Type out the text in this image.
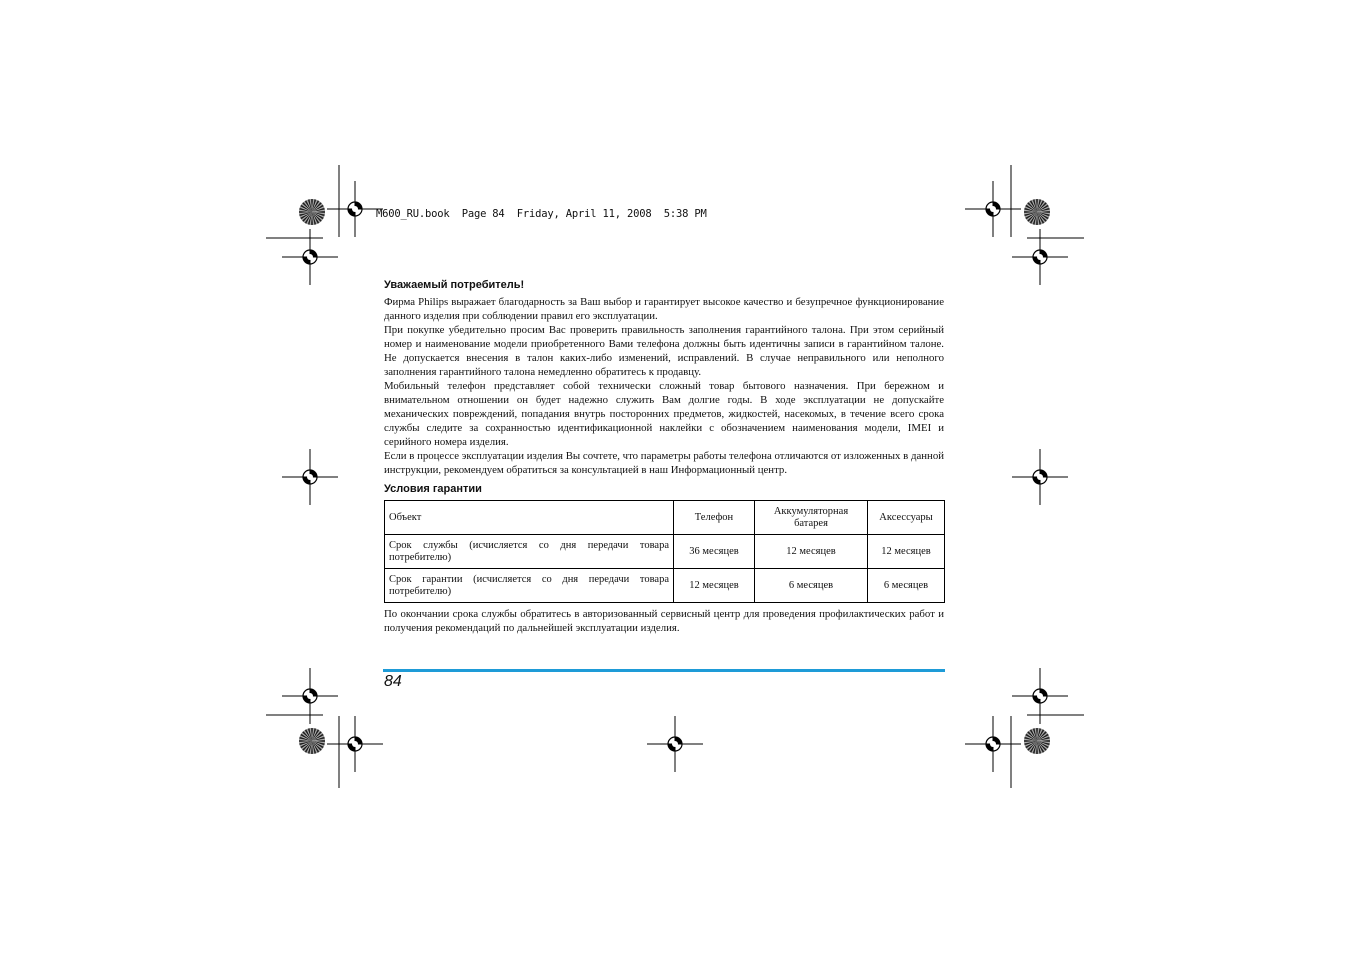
M600_RU.book  Page 84  Friday, April 11, 2008  5:38 PM
Уважаемый потребитель!

Фирма Philips выражает благодарность за Ваш выбор и гарантирует высокое качество и безупречное функционирование данного изделия при соблюдении правил его эксплуатации.

При покупке убедительно просим Вас проверить правильность заполнения гарантийного талона. При этом серийный номер и наименование модели приобретенного Вами телефона должны быть идентичны записи в гарантийном талоне. Не допускается внесения в талон каких-либо изменений, исправлений. В случае неправильного или неполного заполнения гарантийного талона немедленно обратитесь к продавцу.

Мобильный телефон представляет собой технически сложный товар бытового назначения. При бережном и внимательном отношении он будет надежно служить Вам долгие годы. В ходе эксплуатации не допускайте механических повреждений, попадания внутрь посторонних предметов, жидкостей, насекомых, в течение всего срока службы следите за сохранностью идентификационной наклейки с обозначением наименования модели, IMEI и серийного номера изделия.

Если в процессе эксплуатации изделия Вы сочтете, что параметры работы телефона отличаются от изложенных в данной инструкции, рекомендуем обратиться за консультацией в наш Информационный центр.

Условия гарантии
Объект	Телефон	Аккумуляторная батарея	Аксессуары
Срок службы (исчисляется со дня передачи товара потребителю)	36 месяцев	12 месяцев	12 месяцев
Срок гарантии (исчисляется со дня передачи товара потребителю)	12 месяцев	6 месяцев	6 месяцев

По окончании срока службы обратитесь в авторизованный сервисный центр для проведения профилактических работ и получения рекомендаций по дальнейшей эксплуатации изделия.

84
